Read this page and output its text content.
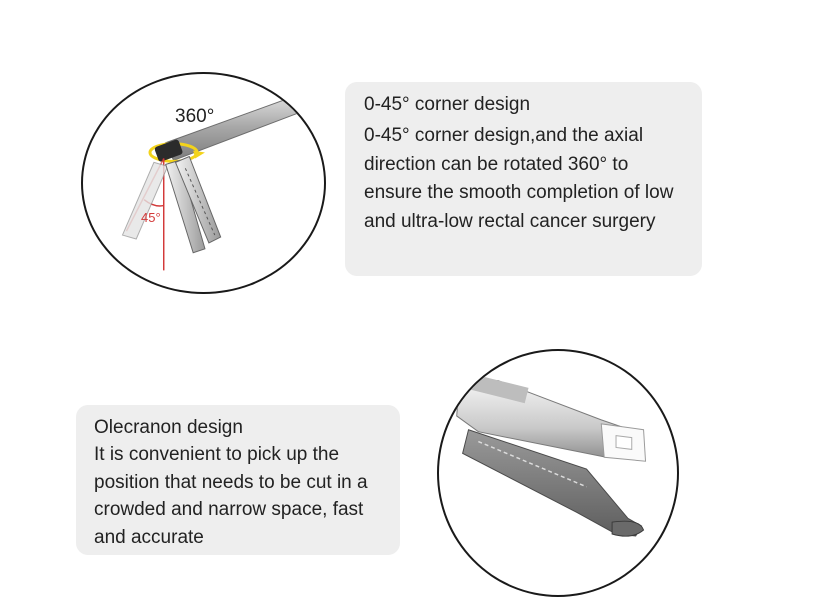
360°
45°

0-45° corner design

0-45° corner design,and the axial direction can be rotated 360° to ensure the smooth completion of low and ultra-low rectal cancer surgery

Olecranon design

It is convenient to pick up the position that needs to be cut in a crowded and narrow space, fast and accurate
